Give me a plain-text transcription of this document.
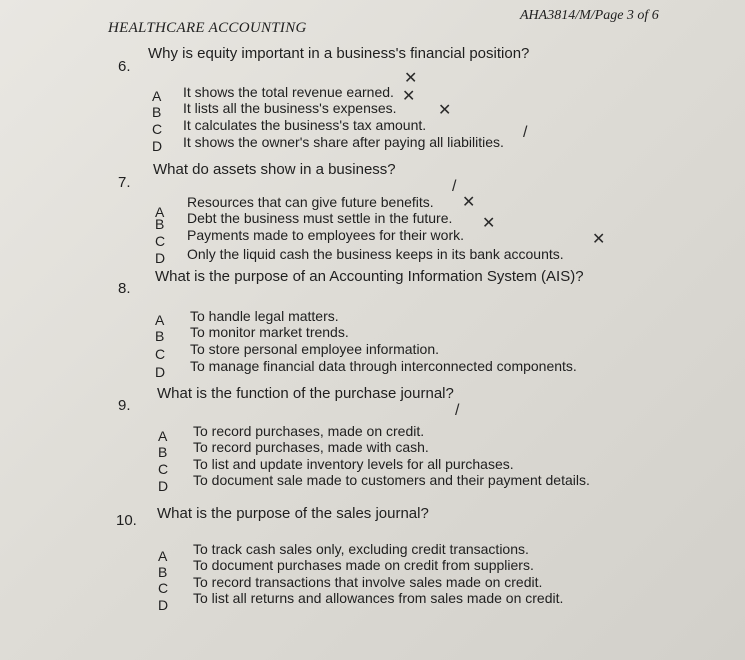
HEALTHCARE ACCOUNTING
AHA3814/M/Page 3 of 6
6.
Why is equity important in a business's financial position?
A It shows the total revenue earned.
B It lists all the business's expenses.
C It calculates the business's tax amount.
D It shows the owner's share after paying all liabilities.
✕
✕
✕
/
7.
What do assets show in a business?
A
Resources that can give future benefits.
B Debt the business must settle in the future.
C Payments made to employees for their work.
D Only the liquid cash the business keeps in its bank accounts.
/
✕
✕
✕
8.
What is the purpose of an Accounting Information System (AIS)?
A To handle legal matters.
B To monitor market trends.
C To store personal employee information.
D To manage financial data through interconnected components.
9.
What is the function of the purchase journal?
A To record purchases, made on credit.
B To record purchases, made with cash.
C To list and update inventory levels for all purchases.
D To document sale made to customers and their payment details.
/
10. What is the purpose of the sales journal?
A To track cash sales only, excluding credit transactions.
B To document purchases made on credit from suppliers.
C To record transactions that involve sales made on credit.
D To list all returns and allowances from sales made on credit.
